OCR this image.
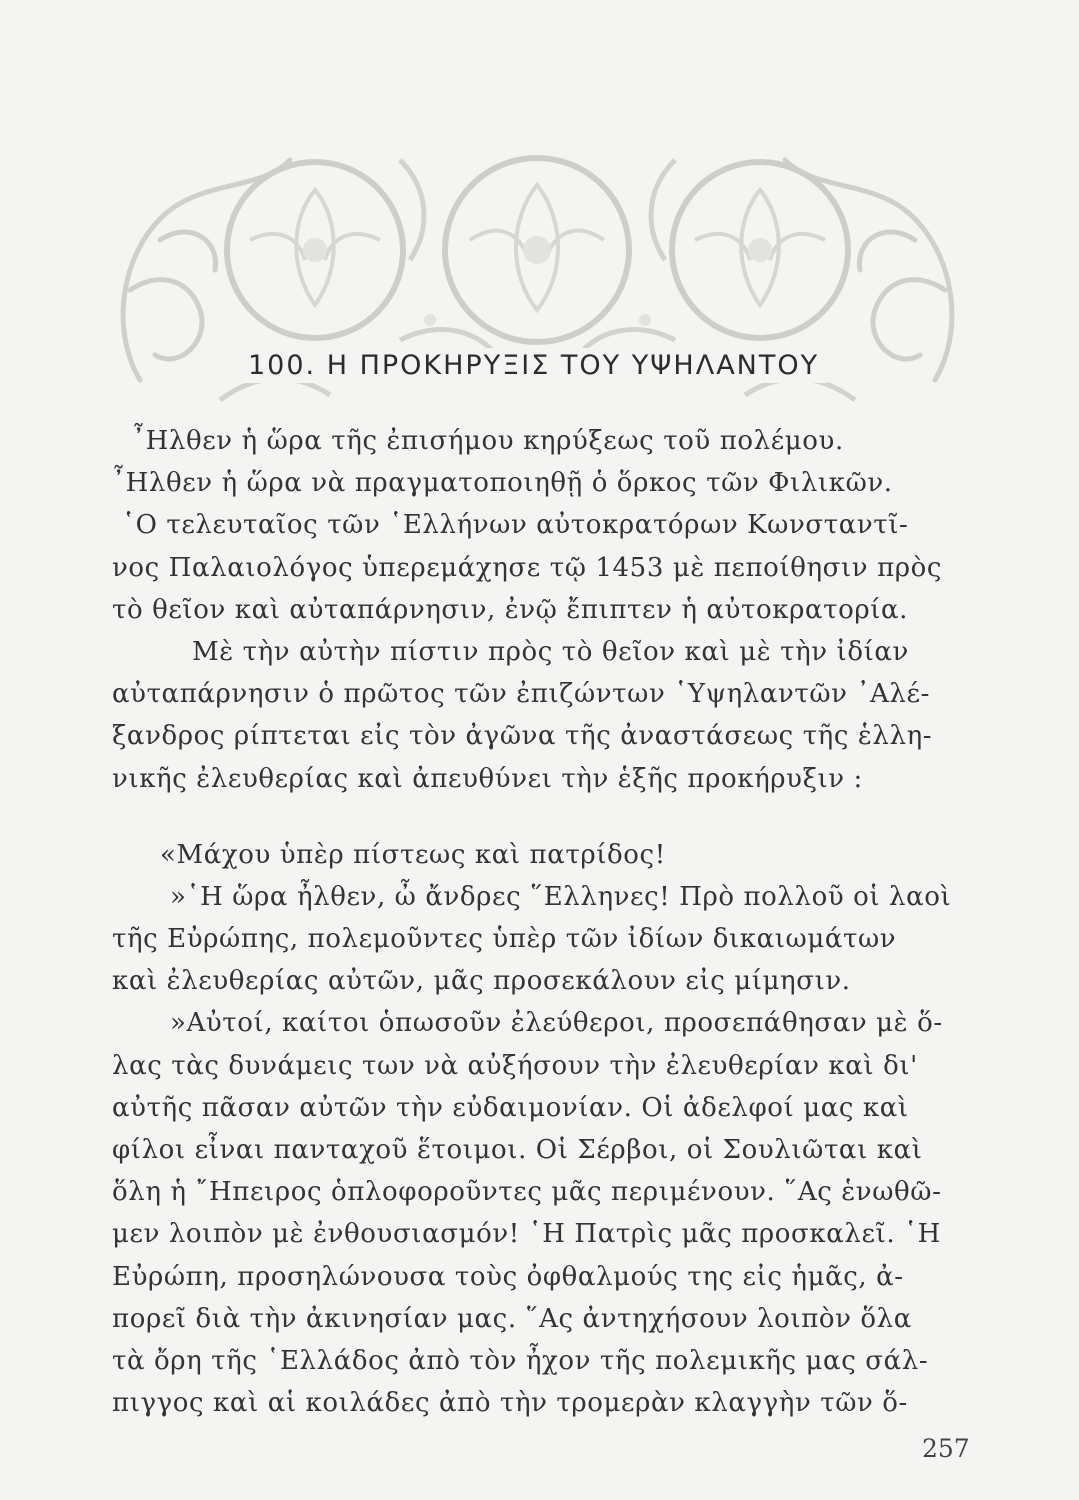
100. Η ΠΡΟΚΗΡΥΞΙΣ ΤΟΥ ΥΨΗΛΑΝΤΟΥ
῏Ηλθεν ἡ ὥρα τῆς ἐπισήμου κηρύξεως τοῦ πολέμου.
῏Ηλθεν ἡ ὥρα νὰ πραγματοποιηθῇ ὁ ὅρκος τῶν Φιλικῶν.
῾Ο τελευταῖος τῶν ῾Ελλήνων αὐτοκρατόρων Κωνσταντῖ-
νος Παλαιολόγος ὑπερεμάχησε τῷ 1453 μὲ πεποίθησιν πρὸς
τὸ θεῖον καὶ αὐταπάρνησιν, ἐνῷ ἔπιπτεν ἡ αὐτοκρατορία.
Μὲ τὴν αὐτὴν πίστιν πρὸς τὸ θεῖον καὶ μὲ τὴν ἰδίαν
αὐταπάρνησιν ὁ πρῶτος τῶν ἐπιζώντων ῾Υψηλαντῶν ᾿Αλέ-
ξανδρος ρίπτεται εἰς τὸν ἀγῶνα τῆς ἀναστάσεως τῆς ἑλλη-
νικῆς ἐλευθερίας καὶ ἀπευθύνει τὴν ἑξῆς προκήρυξιν :
«Μάχου ὑπὲρ πίστεως καὶ πατρίδος!
»῾Η ὥρα ἦλθεν, ὦ ἄνδρες ῞Ελληνες! Πρὸ πολλοῦ οἱ λαοὶ
τῆς Εὐρώπης, πολεμοῦντες ὑπὲρ τῶν ἰδίων δικαιωμάτων
καὶ ἐλευθερίας αὐτῶν, μᾶς προσεκάλουν εἰς μίμησιν.
»Αὐτοί, καίτοι ὁπωσοῦν ἐλεύθεροι, προσεπάθησαν μὲ ὅ-
λας τὰς δυνάμεις των νὰ αὐξήσουν τὴν ἐλευθερίαν καὶ δι'
αὐτῆς πᾶσαν αὐτῶν τὴν εὐδαιμονίαν. Οἱ ἀδελφοί μας καὶ
φίλοι εἶναι πανταχοῦ ἕτοιμοι. Οἱ Σέρβοι, οἱ Σουλιῶται καὶ
ὅλη ἡ ῎Ηπειρος ὁπλοφοροῦντες μᾶς περιμένουν. ῞Ας ἑνωθῶ-
μεν λοιπὸν μὲ ἐνθουσιασμόν! ῾Η Πατρὶς μᾶς προσκαλεῖ. ῾Η
Εὐρώπη, προσηλώνουσα τοὺς ὀφθαλμούς της εἰς ἡμᾶς, ἀ-
πορεῖ διὰ τὴν ἀκινησίαν μας. ῞Ας ἀντηχήσουν λοιπὸν ὅλα
τὰ ὄρη τῆς ῾Ελλάδος ἀπὸ τὸν ἦχον τῆς πολεμικῆς μας σάλ-
πιγγος καὶ αἱ κοιλάδες ἀπὸ τὴν τρομερὰν κλαγγὴν τῶν ὅ-
257
